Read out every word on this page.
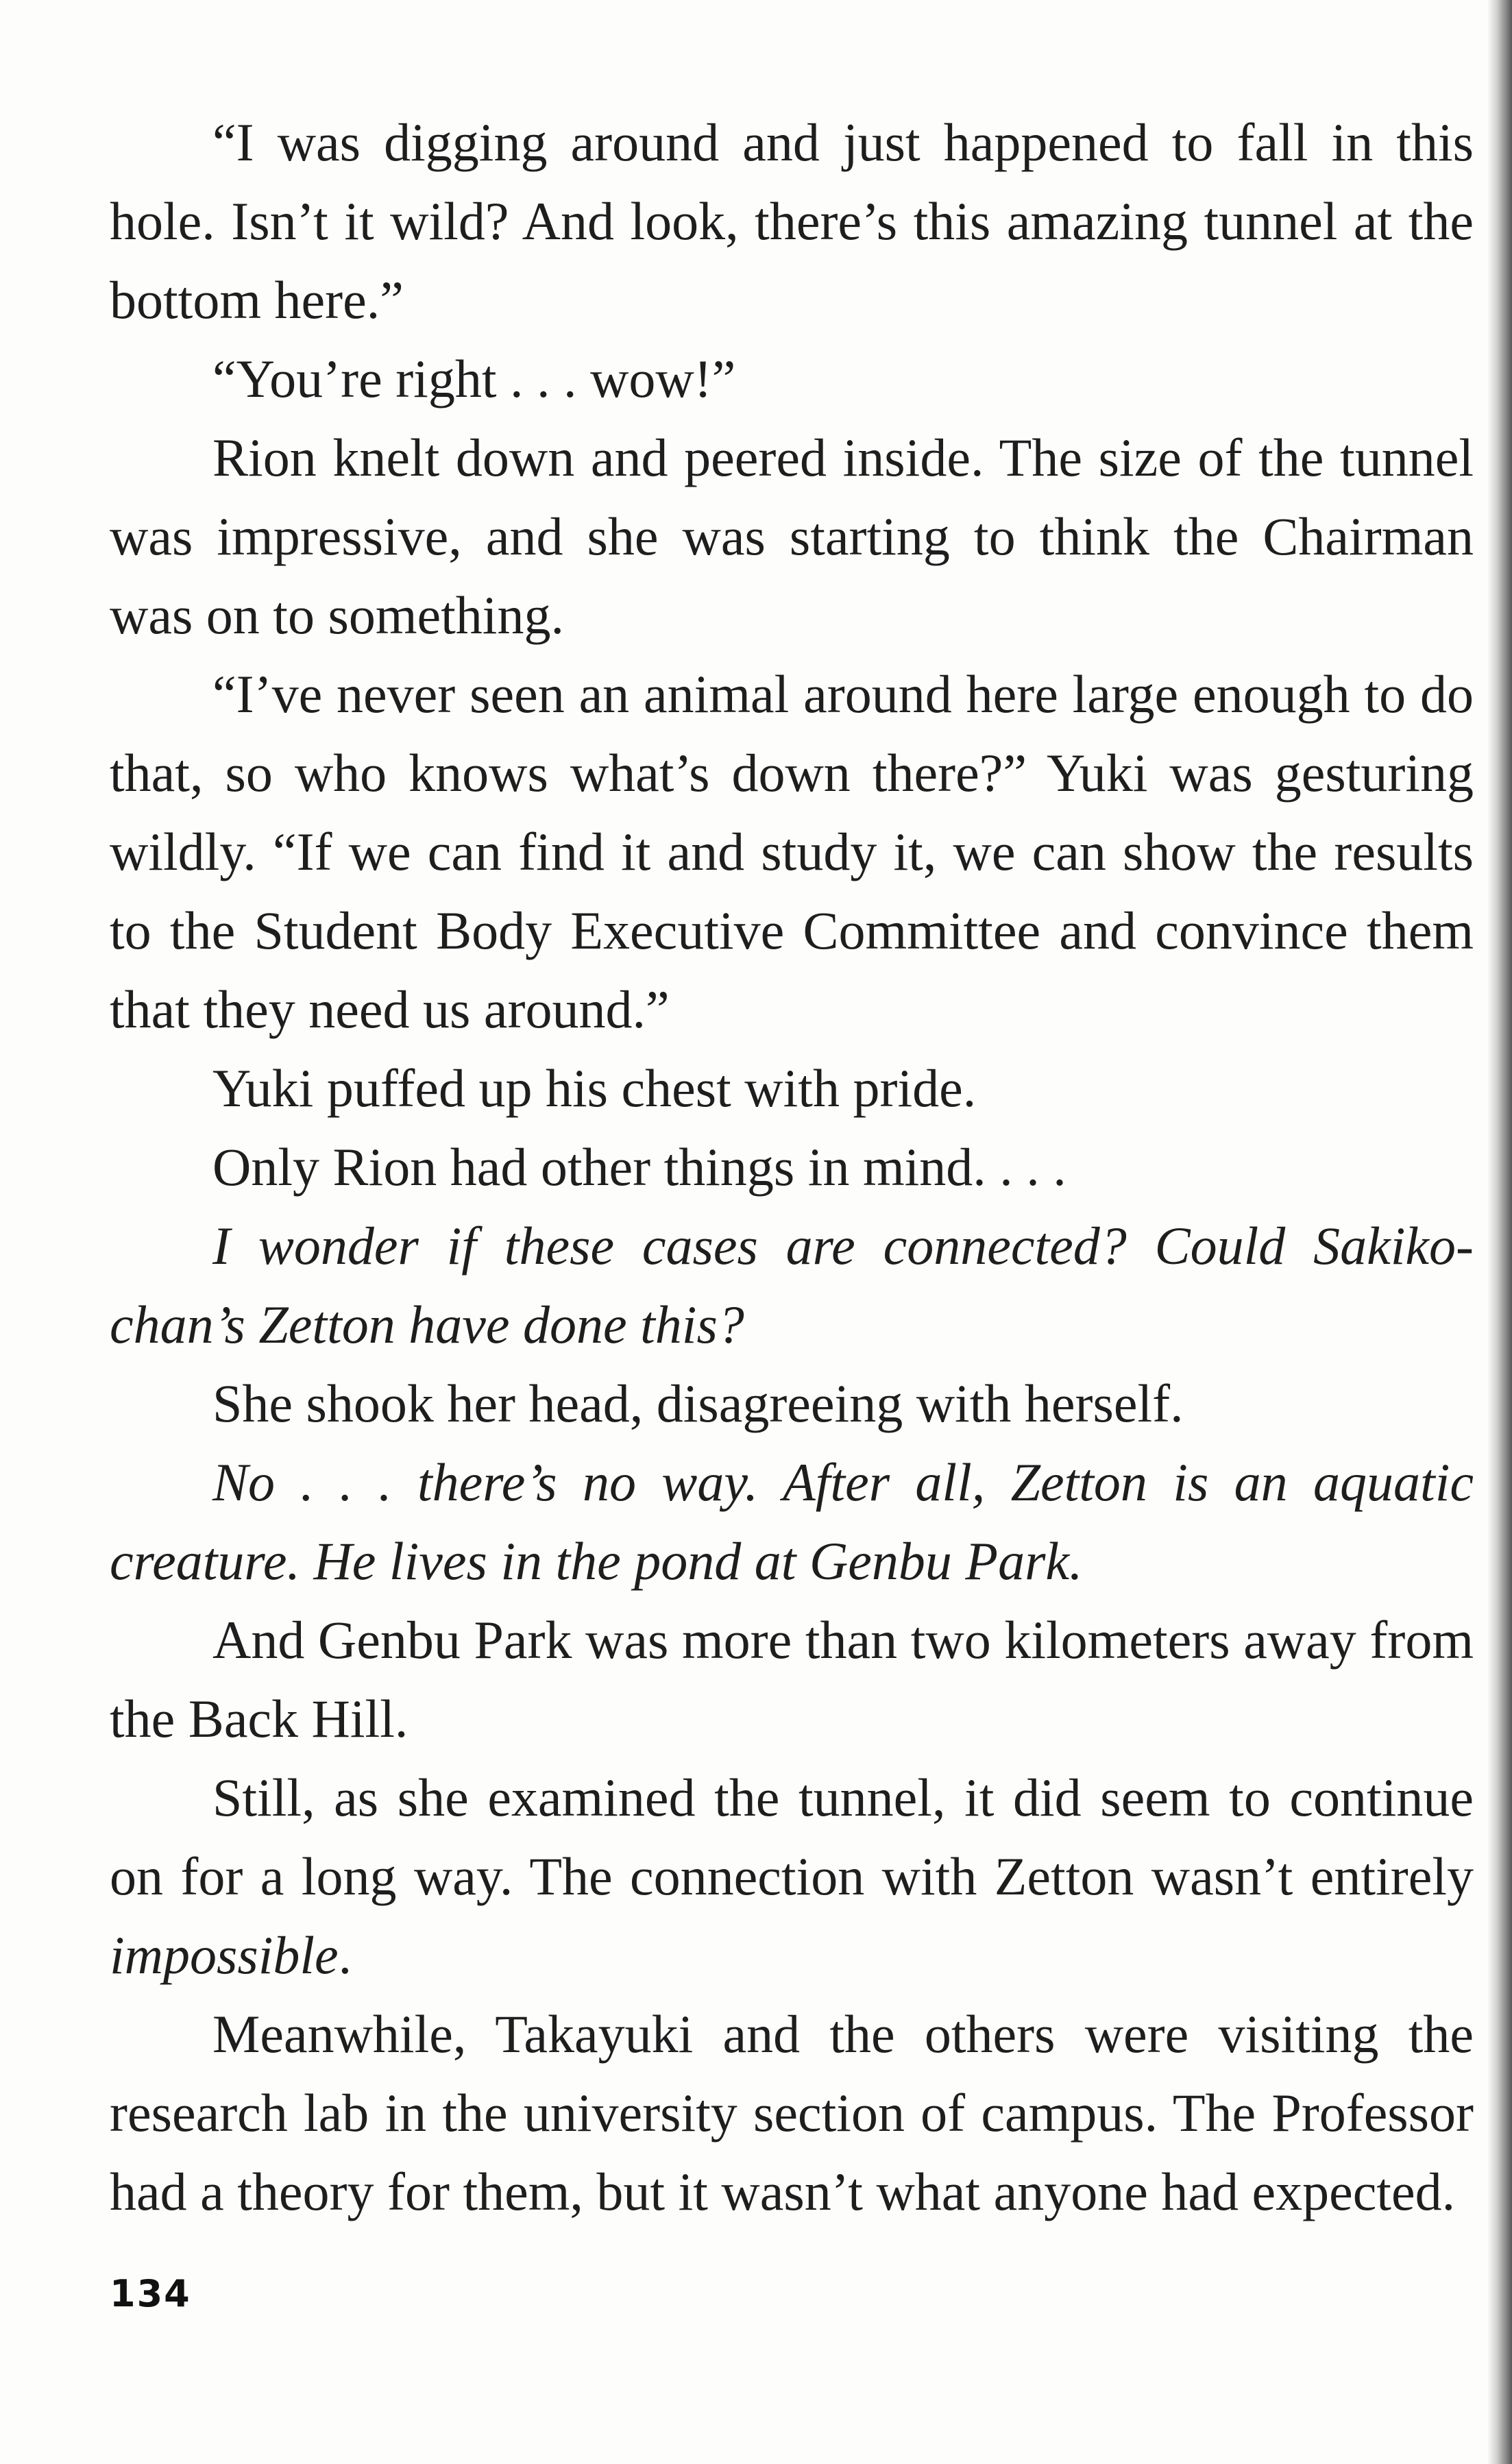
“I was digging around and just happened to fall in this hole. Isn’t it wild? And look, there’s this amazing tunnel at the bottom here.”

“You’re right . . . wow!”

Rion knelt down and peered inside. The size of the tunnel was impressive, and she was starting to think the Chairman was on to something.

“I’ve never seen an animal around here large enough to do that, so who knows what’s down there?” Yuki was gesturing wildly. “If we can find it and study it, we can show the results to the Student Body Executive Committee and convince them that they need us around.”

Yuki puffed up his chest with pride.

Only Rion had other things in mind. . . .

I wonder if these cases are connected? Could Sakiko-chan’s Zetton have done this?

She shook her head, disagreeing with herself.

No . . . there’s no way. After all, Zetton is an aquatic creature. He lives in the pond at Genbu Park.

And Genbu Park was more than two kilometers away from the Back Hill.

Still, as she examined the tunnel, it did seem to continue on for a long way. The connection with Zetton wasn’t entirely impossible.

Meanwhile, Takayuki and the others were visiting the research lab in the university section of campus. The Professor had a theory for them, but it wasn’t what anyone had expected.

134
